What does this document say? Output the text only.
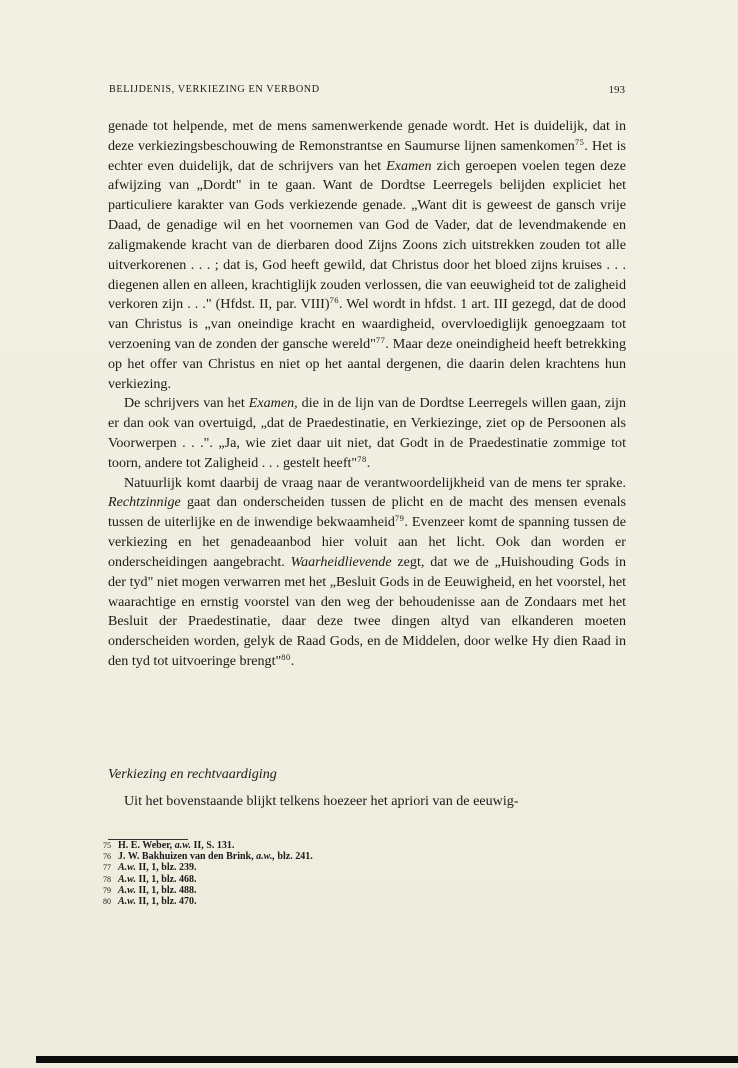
BELIJDENIS, VERKIEZING EN VERBOND	193

genade tot helpende, met de mens samenwerkende genade wordt. Het is duidelijk, dat in deze verkiezingsbeschouwing de Remonstrantse en Saumurse lijnen samenkomen$^{75}$. Het is echter even duidelijk, dat de schrijvers van het Examen zich geroepen voelen tegen deze afwijzing van „Dordt" in te gaan. Want de Dordtse Leerregels belijden expliciet het particuliere karakter van Gods verkiezende genade. „Want dit is geweest de gansch vrije Daad, de genadige wil en het voornemen van God de Vader, dat de levendmakende en zaligmakende kracht van de dierbaren dood Zijns Zoons zich uitstrekken zouden tot alle uitverkorenen . . . ; dat is, God heeft gewild, dat Christus door het bloed zijns kruises . . . diegenen allen en alleen, krachtiglijk zouden verlossen, die van eeuwigheid tot de zaligheid verkoren zijn . . ." (Hfdst. II, par. VIII)$^{76}$. Wel wordt in hfdst. 1 art. III gezegd, dat de dood van Christus is „van oneindige kracht en waardigheid, overvloediglijk genoegzaam tot verzoening van de zonden der gansche wereld"$^{77}$. Maar deze oneindigheid heeft betrekking op het offer van Christus en niet op het aantal dergenen, die daarin delen krachtens hun verkiezing.

De schrijvers van het Examen, die in de lijn van de Dordtse Leerregels willen gaan, zijn er dan ook van overtuigd, „dat de Praedestinatie, en Verkiezinge, ziet op de Persoonen als Voorwerpen . . .". „Ja, wie ziet daar uit niet, dat Godt in de Praedestinatie zommige tot toorn, andere tot Zaligheid . . . gestelt heeft"$^{78}$.

Natuurlijk komt daarbij de vraag naar de verantwoordelijkheid van de mens ter sprake. Rechtzinnige gaat dan onderscheiden tussen de plicht en de macht des mensen evenals tussen de uiterlijke en de inwendige bekwaamheid$^{79}$. Evenzeer komt de spanning tussen de verkiezing en het genadeaanbod hier voluit aan het licht. Ook dan worden er onderscheidingen aangebracht. Waarheidlievende zegt, dat we de „Huishouding Gods in der tyd" niet mogen verwarren met het „Besluit Gods in de Eeuwigheid, en het voorstel, het waarachtige en ernstig voorstel van den weg der behoudenisse aan de Zondaars met het Besluit der Praedestinatie, daar deze twee dingen altyd van elkanderen moeten onderscheiden worden, gelyk de Raad Gods, en de Middelen, door welke Hy dien Raad in den tyd tot uitvoeringe brengt"$^{80}$.

Verkiezing en rechtvaardiging

Uit het bovenstaande blijkt telkens hoezeer het apriori van de eeuwig-

75 H. E. Weber, a.w. II, S. 131.
76 J. W. Bakhuizen van den Brink, a.w., blz. 241.
77 A.w. II, 1, blz. 239.
78 A.w. II, 1, blz. 468.
79 A.w. II, 1, blz. 488.
80 A.w. II, 1, blz. 470.
